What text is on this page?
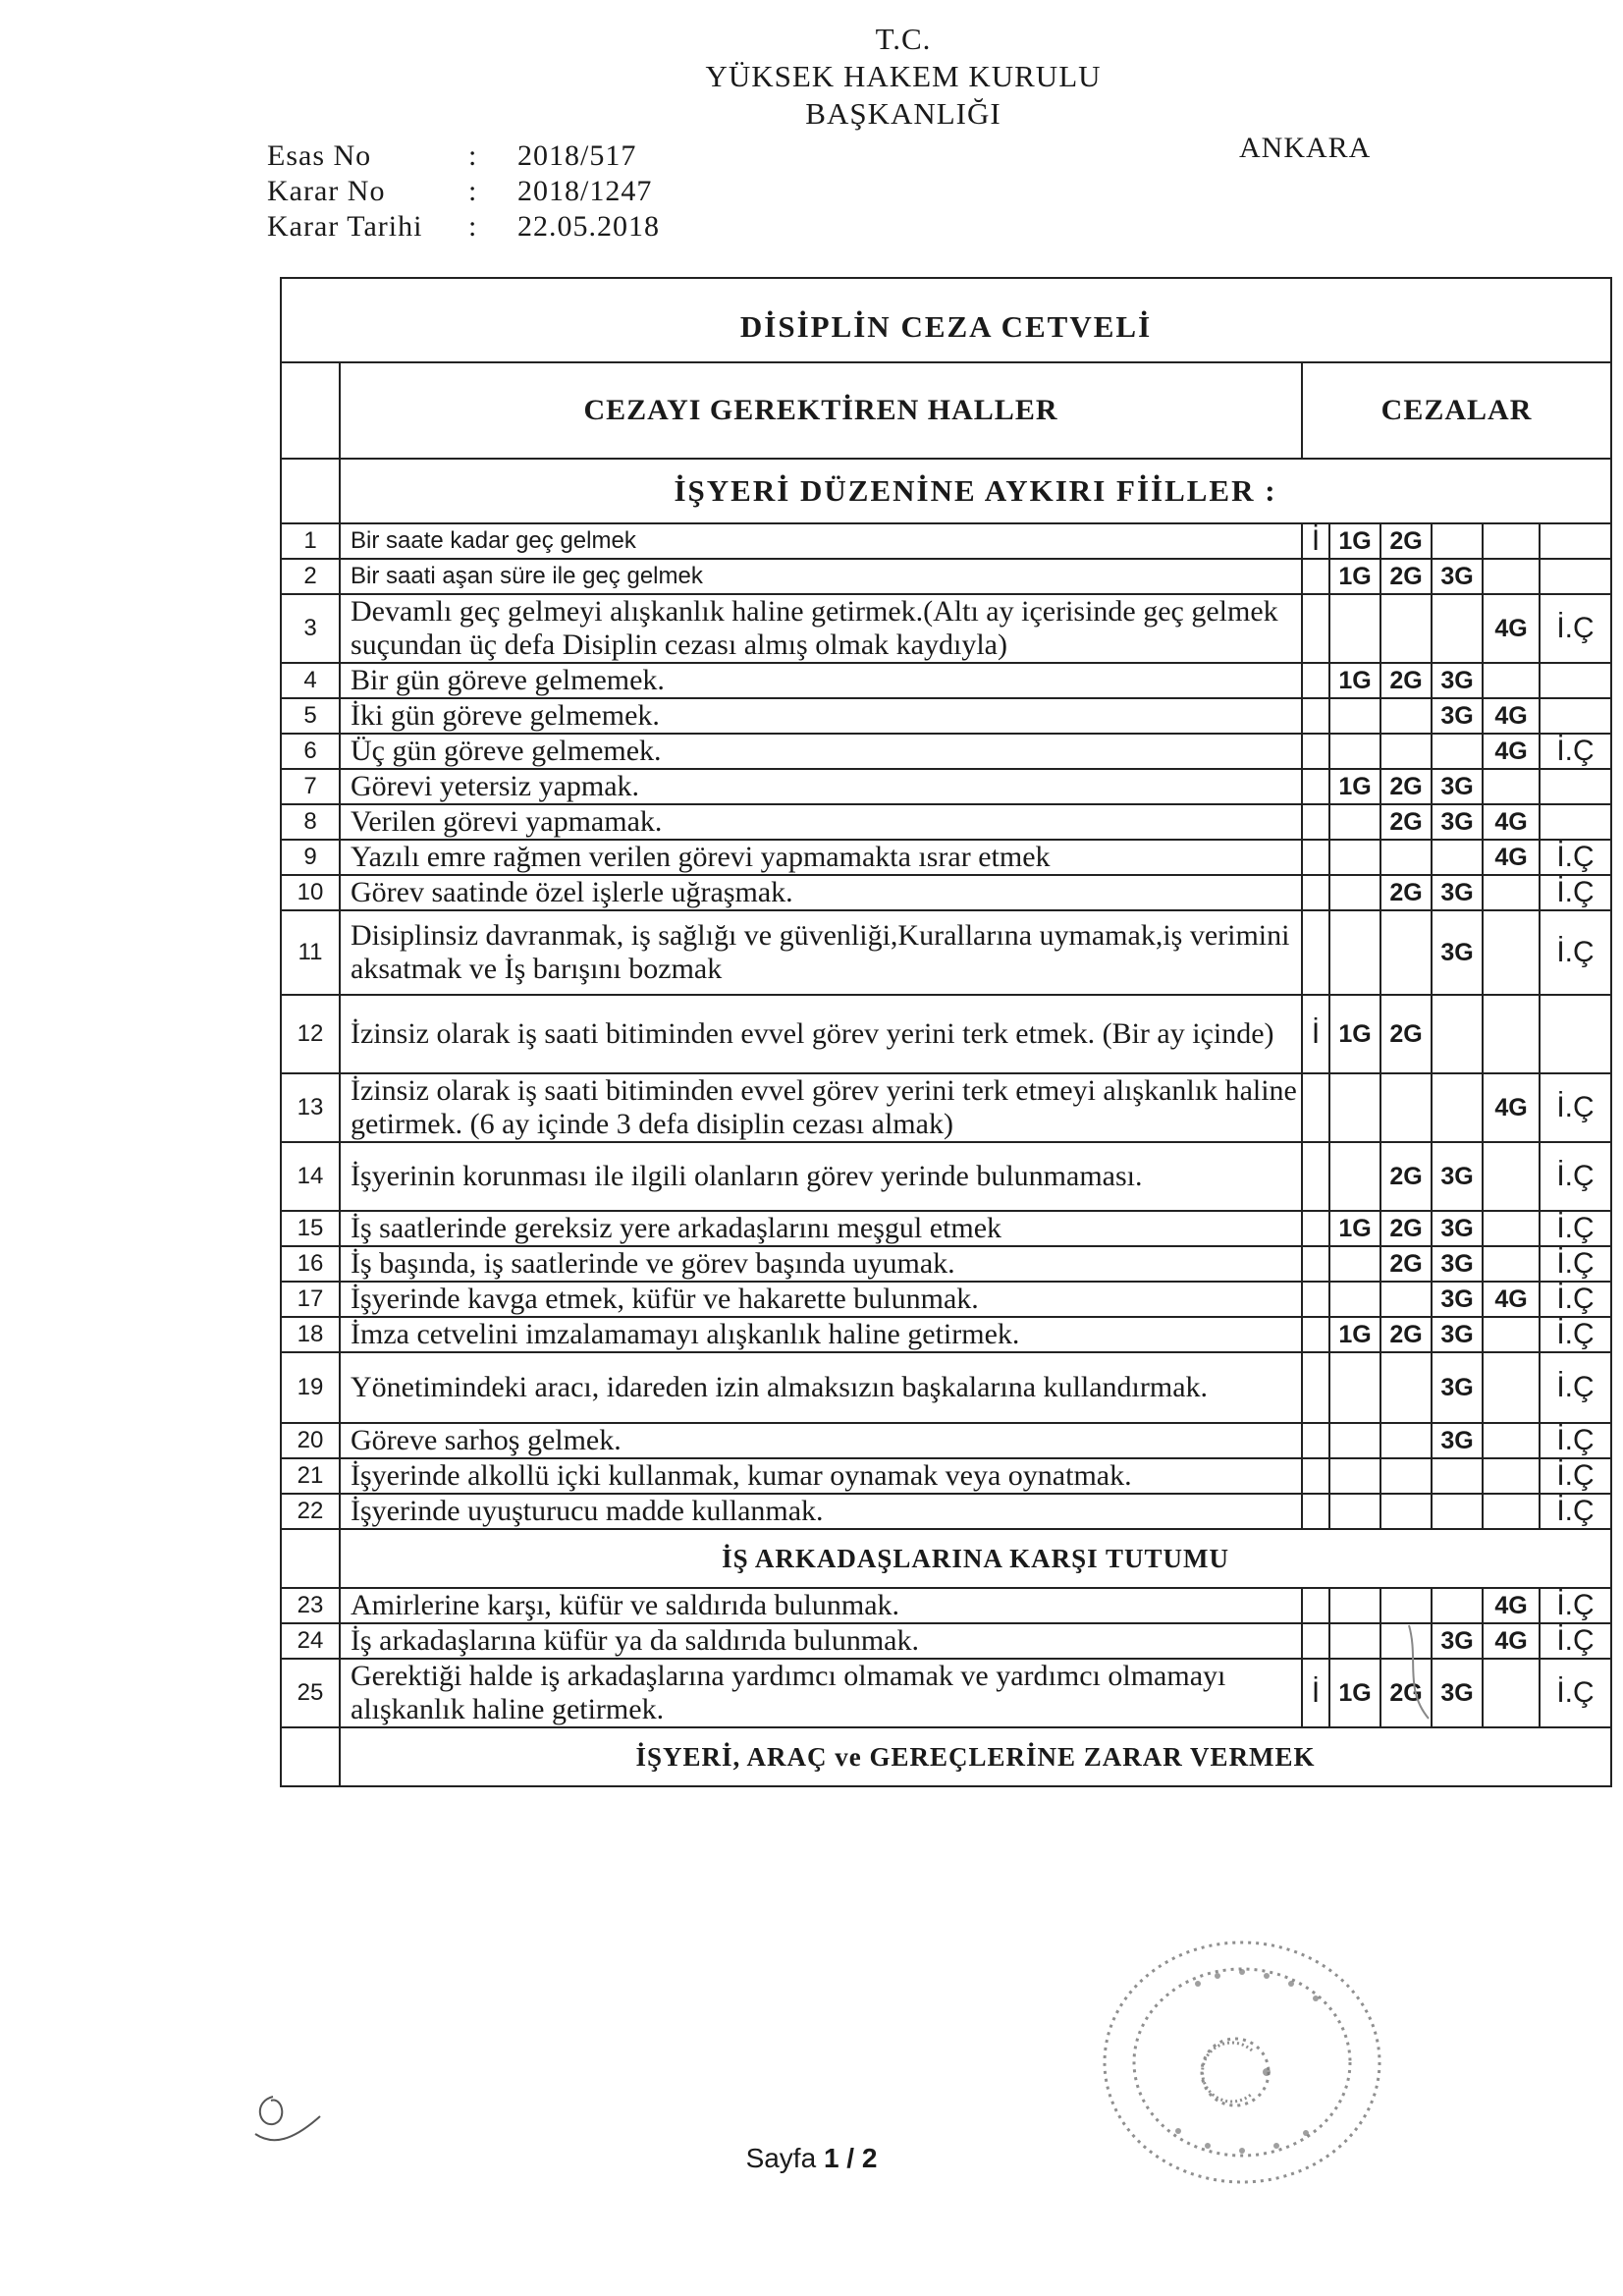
T.C.
YÜKSEK HAKEM KURULU
BAŞKANLIĞI
ANKARA
Esas No	: 2018/517
Karar No	: 2018/1247
Karar Tarihi : 22.05.2018
DİSİPLİN CEZA CETVELİ							
	CEZAYI GEREKTİREN HALLER	CEZALAR					
	İŞYERİ DÜZENİNE AYKIRI FİİLLER :						
1	Bir saate kadar geç gelmek	İ	1G	2G			
2	Bir saati aşan süre ile geç gelmek		1G	2G	3G		
3	Devamlı geç gelmeyi alışkanlık haline getirmek.(Altı ay içerisinde geç gelmek suçundan üç defa Disiplin cezası almış olmak kaydıyla)					4G	İ.Ç
4	Bir gün göreve gelmemek.		1G	2G	3G		
5	İki gün göreve gelmemek.				3G	4G	
6	Üç gün göreve gelmemek.					4G	İ.Ç
7	Görevi yetersiz yapmak.		1G	2G	3G		
8	Verilen görevi yapmamak.			2G	3G	4G	
9	Yazılı emre rağmen verilen görevi yapmamakta ısrar etmek					4G	İ.Ç
10	Görev saatinde özel işlerle uğraşmak.			2G	3G		İ.Ç
11	Disiplinsiz davranmak, iş sağlığı ve güvenliği,Kurallarına uymamak,iş verimini aksatmak ve İş barışını bozmak				3G		İ.Ç
12	İzinsiz olarak iş saati bitiminden evvel görev yerini terk etmek. (Bir ay içinde)	İ	1G	2G			
13	İzinsiz olarak iş saati bitiminden evvel görev yerini terk etmeyi alışkanlık haline getirmek. (6 ay içinde 3 defa disiplin cezası almak)					4G	İ.Ç
14	İşyerinin korunması ile ilgili olanların görev yerinde bulunmaması.			2G	3G		İ.Ç
15	İş saatlerinde gereksiz yere arkadaşlarını meşgul etmek		1G	2G	3G		İ.Ç
16	İş başında, iş saatlerinde ve görev başında uyumak.			2G	3G		İ.Ç
17	İşyerinde kavga etmek, küfür ve hakarette bulunmak.				3G	4G	İ.Ç
18	İmza cetvelini imzalamamayı alışkanlık haline getirmek.		1G	2G	3G		İ.Ç
19	Yönetimindeki aracı, idareden izin almaksızın başkalarına kullandırmak.				3G		İ.Ç
20	Göreve sarhoş gelmek.				3G		İ.Ç
21	İşyerinde alkollü içki kullanmak, kumar oynamak veya oynatmak.						İ.Ç
22	İşyerinde uyuşturucu madde kullanmak.						İ.Ç
	İŞ ARKADAŞLARINA KARŞI TUTUMU						
23	Amirlerine karşı, küfür ve saldırıda bulunmak.					4G	İ.Ç
24	İş arkadaşlarına küfür ya da saldırıda bulunmak.				3G	4G	İ.Ç
25	Gerektiği halde iş arkadaşlarına yardımcı olmamak ve yardımcı olmamayı alışkanlık haline getirmek.	İ	1G	2G	3G		İ.Ç
	İŞYERİ, ARAÇ ve GEREÇLERİNE ZARAR VERMEK						
Sayfa 1 / 2
